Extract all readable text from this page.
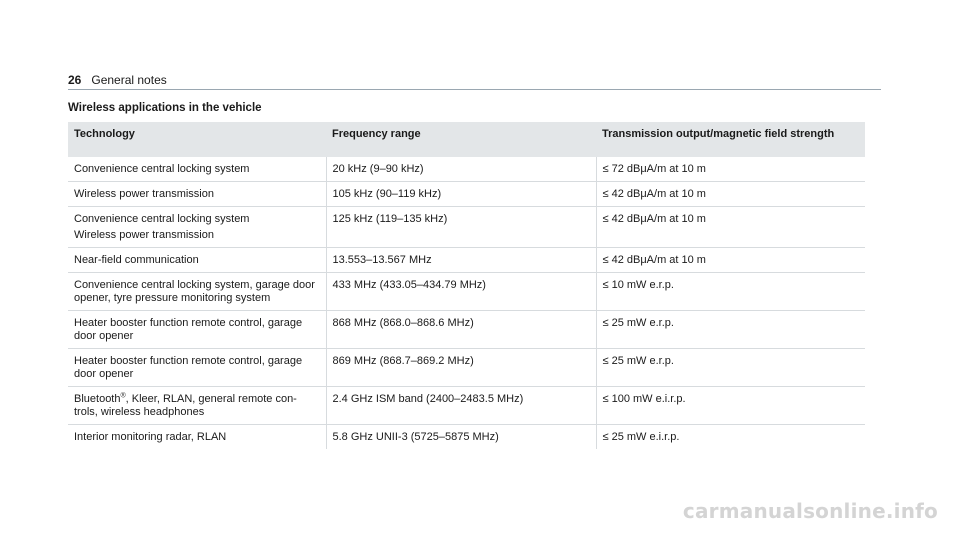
26 General notes
Wireless applications in the vehicle
Technology	Frequency range	Transmission output/magnetic field strength

Convenience central locking system	20 kHz (9–90 kHz)	≤ 72 dBμA/m at 10 m

Wireless power transmission	105 kHz (90–119 kHz)	≤ 42 dBμA/m at 10 m

Convenience central locking system
Wireless power transmission	125 kHz (119–135 kHz)	≤ 42 dBμA/m at 10 m

Near-field communication	13.553–13.567 MHz	≤ 42 dBμA/m at 10 m

Convenience central locking system, garage door opener, tyre pressure monitoring system	433 MHz (433.05–434.79 MHz)	≤ 10 mW e.r.p.

Heater booster function remote control, garage door opener	868 MHz (868.0–868.6 MHz)	≤ 25 mW e.r.p.

Heater booster function remote control, garage door opener	869 MHz (868.7–869.2 MHz)	≤ 25 mW e.r.p.
Bluetooth®, Kleer, RLAN, general remote con- trols, wireless headphones	2.4 GHz ISM band (2400–2483.5 MHz)	≤ 100 mW e.i.r.p.

Interior monitoring radar, RLAN	5.8 GHz UNII-3 (5725–5875 MHz)	≤ 25 mW e.i.r.p.
carmanualsonline.info
